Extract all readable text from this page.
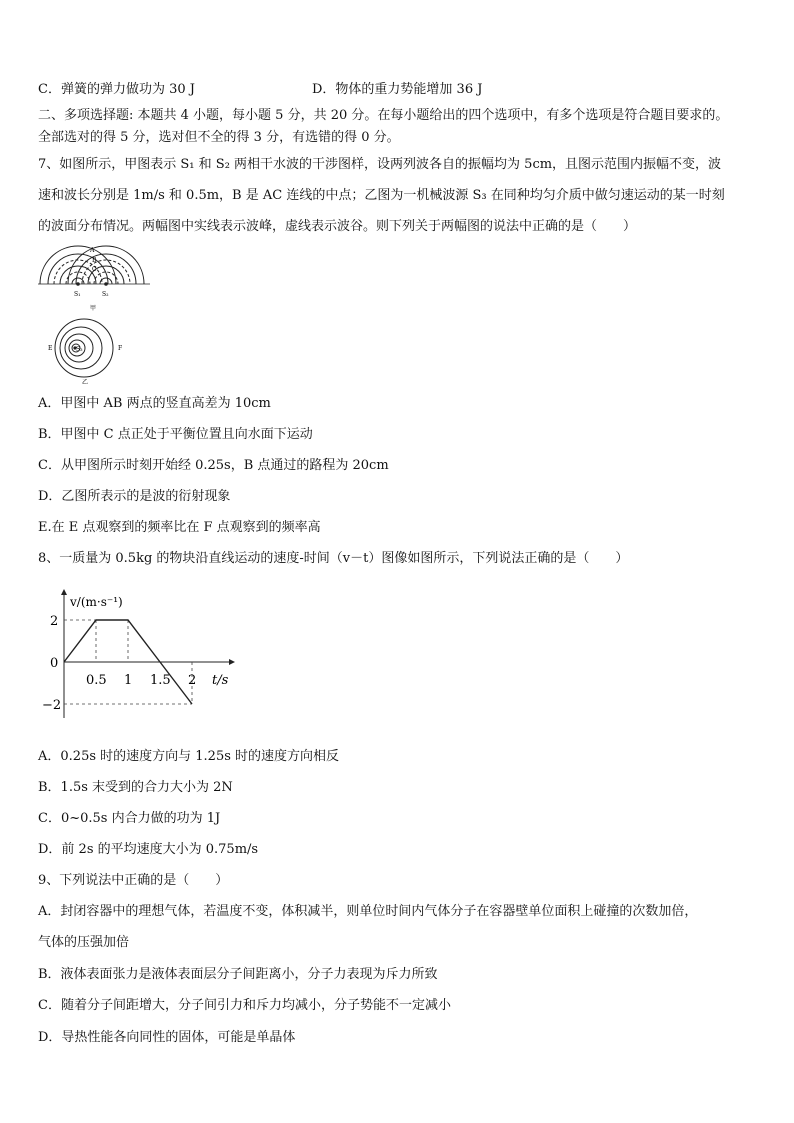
C．弹簧的弹力做功为 30 J	D．物体的重力势能增加 36 J
二、多项选择题: 本题共 4 小题，每小题 5 分，共 20 分。在每小题给出的四个选项中，有多个选项是符合题目要求的。
全部选对的得 5 分，选对但不全的得 3 分，有选错的得 0 分。
7、如图所示，甲图表示 S₁ 和 S₂ 两相干水波的干涉图样，设两列波各自的振幅均为 5cm，且图示范围内振幅不变，波
速和波长分别是 1m/s 和 0.5m，B 是 AC 连线的中点；乙图为一机械波源 S₃ 在同种均匀介质中做匀速运动的某一时刻
的波面分布情况。两幅图中实线表示波峰，虚线表示波谷。则下列关于两幅图的说法中正确的是（　　）
A
B
C
S₁	S₂
甲
S₃
E	F
乙
A．甲图中 AB 两点的竖直高差为 10cm
B．甲图中 C 点正处于平衡位置且向水面下运动
C．从甲图所示时刻开始经 0.25s，B 点通过的路程为 20cm
D．乙图所表示的是波的衍射现象
E.在 E 点观察到的频率比在 F 点观察到的频率高
8、一质量为 0.5kg 的物块沿直线运动的速度-时间（v－t）图像如图所示，下列说法正确的是（　　）
0.5 1 1.5 2
2
0
−2
v/(m·s⁻¹)
t/s
A．0.25s 时的速度方向与 1.25s 时的速度方向相反
B．1.5s 末受到的合力大小为 2N
C．0~0.5s 内合力做的功为 1J
D．前 2s 的平均速度大小为 0.75m/s
9、下列说法中正确的是（　　）
A．封闭容器中的理想气体，若温度不变，体积减半，则单位时间内气体分子在容器壁单位面积上碰撞的次数加倍，
气体的压强加倍
B．液体表面张力是液体表面层分子间距离小，分子力表现为斥力所致
C．随着分子间距增大，分子间引力和斥力均减小，分子势能不一定减小
D．导热性能各向同性的固体，可能是单晶体
